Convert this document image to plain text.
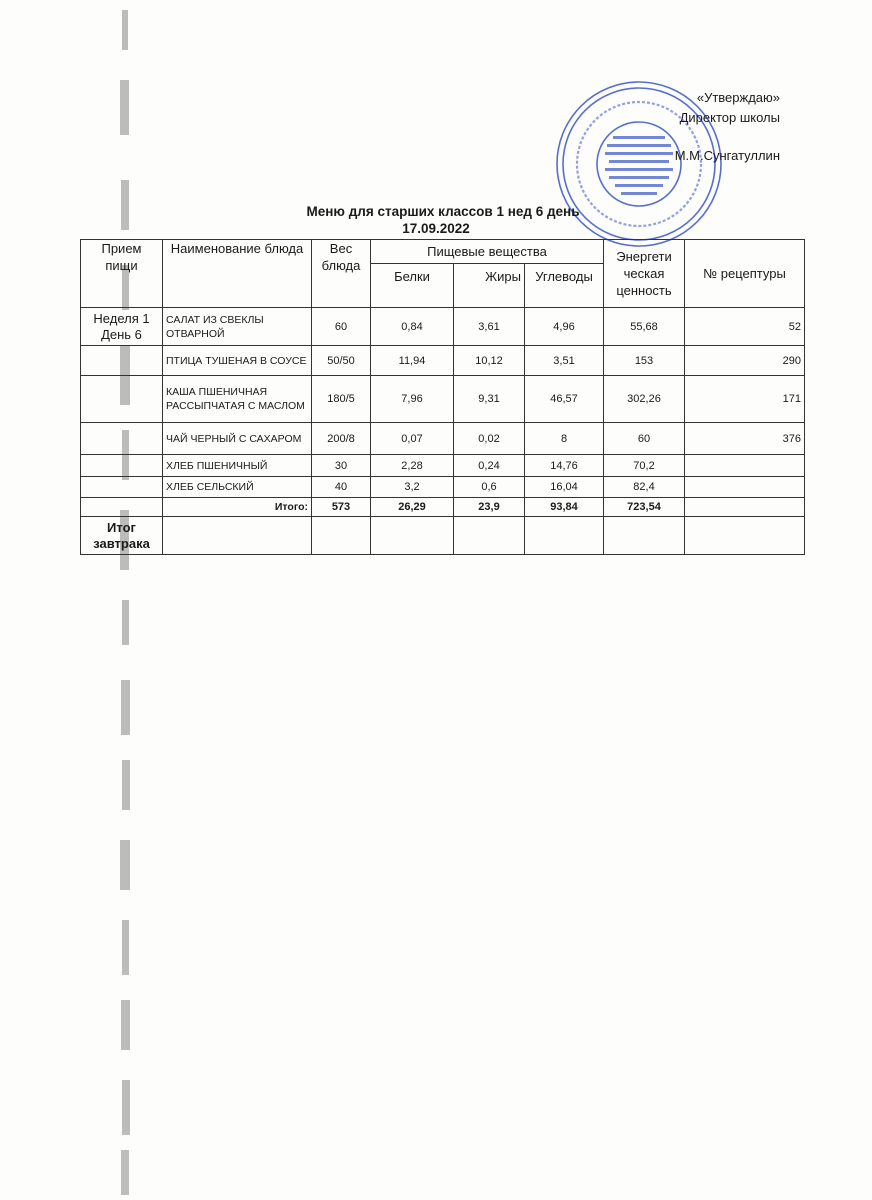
«Утверждаю»
Директор школы
М.М.Сунгатуллин
Меню для старших классов 1 нед 6 день
17.09.2022
Прием пищи	Наименование блюда	Вес блюда	Пищевые вещества			Энергети ческая ценность	№ рецептуры
			Белки	Жиры	Углеводы		

Неделя 1
День 6	САЛАТ ИЗ СВЕКЛЫ ОТВАРНОЙ	60	0,84	3,61	4,96	55,68	52
	ПТИЦА ТУШЕНАЯ В СОУСЕ	50/50	11,94	10,12	3,51	153	290
	КАША ПШЕНИЧНАЯ РАССЫПЧАТАЯ С МАСЛОМ	180/5	7,96	9,31	46,57	302,26	171
	ЧАЙ ЧЕРНЫЙ С САХАРОМ	200/8	0,07	0,02	8	60	376
	ХЛЕБ ПШЕНИЧНЫЙ	30	2,28	0,24	14,76	70,2	
	ХЛЕБ СЕЛЬСКИЙ	40	3,2	0,6	16,04	82,4	
	Итого:	573	26,29	23,9	93,84	723,54	

Итог
завтрака							
